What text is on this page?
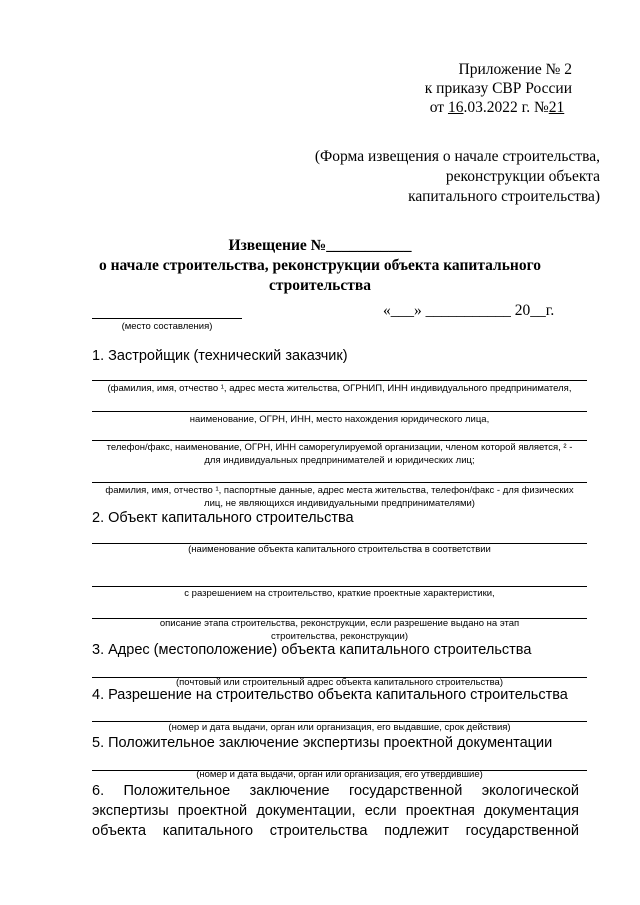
Приложение № 2
к приказу СВР России
от 16.03.2022 г. №21
(Форма извещения о начале строительства,
реконструкции объекта
капитального строительства)
Извещение №___________
о начале строительства, реконструкции объекта капитального
строительства
(место составления)
«___» ___________ 20__г.
1. Застройщик (технический заказчик)
(фамилия, имя, отчество ¹, адрес места жительства, ОГРНИП, ИНН индивидуального предпринимателя,
наименование, ОГРН, ИНН, место нахождения юридического лица,
телефон/факс, наименование, ОГРН, ИНН саморегулируемой организации, членом которой является, ² -
для индивидуальных предпринимателей и юридических лиц;
фамилия, имя, отчество ¹, паспортные данные, адрес места жительства, телефон/факс - для физических
лиц, не являющихся индивидуальными предпринимателями)
2. Объект капитального строительства
(наименование объекта капитального строительства в соответствии
с разрешением на строительство, краткие проектные характеристики,
описание этапа строительства, реконструкции, если разрешение выдано на этап
строительства, реконструкции)
3. Адрес (местоположение) объекта капитального строительства
(почтовый или строительный адрес объекта капитального строительства)
4. Разрешение на строительство объекта капитального строительства
(номер и дата выдачи, орган или организация, его выдавшие, срок действия)
5. Положительное заключение экспертизы проектной документации
(номер и дата выдачи, орган или организация, его утвердившие)
6. Положительное заключение государственной экологической
экспертизы проектной документации, если проектная документация
объекта капитального строительства подлежит государственной
